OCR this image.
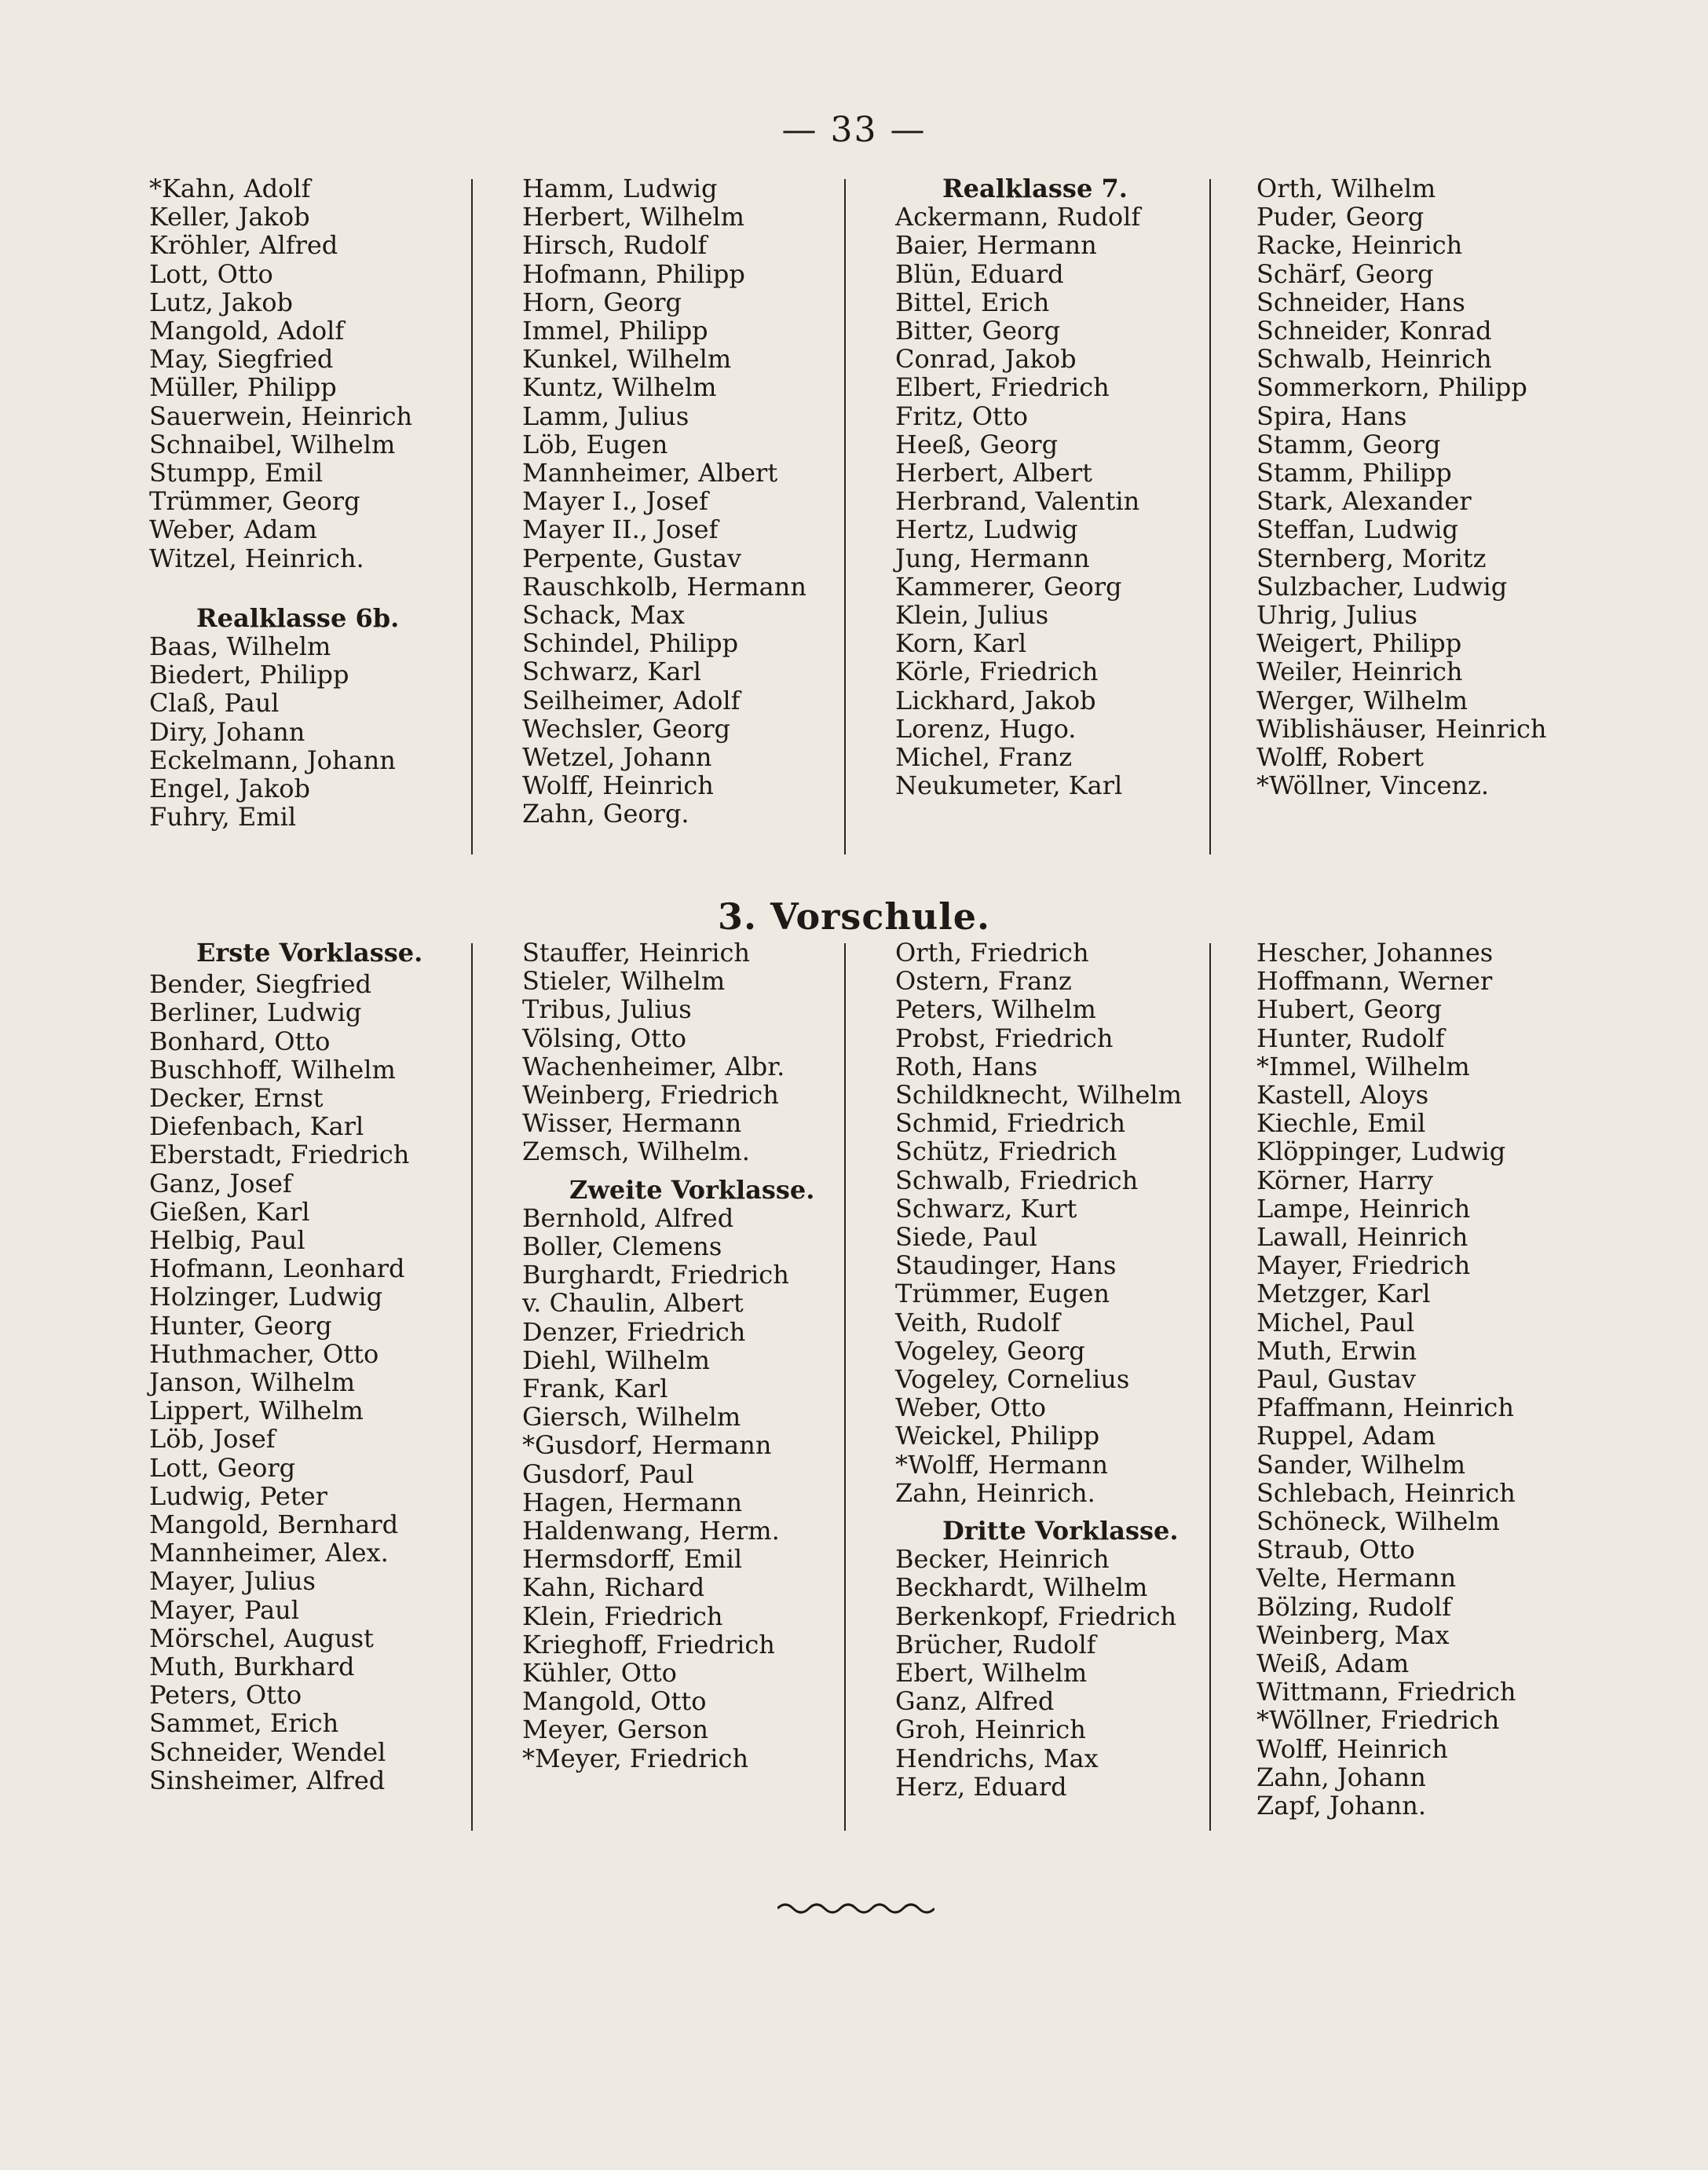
— 33 —
*Kahn, Adolf
Keller, Jakob
Kröhler, Alfred
Lott, Otto
Lutz, Jakob
Mangold, Adolf
May, Siegfried
Müller, Philipp
Sauerwein, Heinrich
Schnaibel, Wilhelm
Stumpp, Emil
Trümmer, Georg
Weber, Adam
Witzel, Heinrich.
Realklasse 6b.
Baas, Wilhelm
Biedert, Philipp
Claß, Paul
Diry, Johann
Eckelmann, Johann
Engel, Jakob
Fuhry, Emil
Hamm, Ludwig
Herbert, Wilhelm
Hirsch, Rudolf
Hofmann, Philipp
Horn, Georg
Immel, Philipp
Kunkel, Wilhelm
Kuntz, Wilhelm
Lamm, Julius
Löb, Eugen
Mannheimer, Albert
Mayer I., Josef
Mayer II., Josef
Perpente, Gustav
Rauschkolb, Hermann
Schack, Max
Schindel, Philipp
Schwarz, Karl
Seilheimer, Adolf
Wechsler, Georg
Wetzel, Johann
Wolff, Heinrich
Zahn, Georg.
Realklasse 7.
Ackermann, Rudolf
Baier, Hermann
Blün, Eduard
Bittel, Erich
Bitter, Georg
Conrad, Jakob
Elbert, Friedrich
Fritz, Otto
Heeß, Georg
Herbert, Albert
Herbrand, Valentin
Hertz, Ludwig
Jung, Hermann
Kammerer, Georg
Klein, Julius
Korn, Karl
Körle, Friedrich
Lickhard, Jakob
Lorenz, Hugo.
Michel, Franz
Neukumeter, Karl
Orth, Wilhelm
Puder, Georg
Racke, Heinrich
Schärf, Georg
Schneider, Hans
Schneider, Konrad
Schwalb, Heinrich
Sommerkorn, Philipp
Spira, Hans
Stamm, Georg
Stamm, Philipp
Stark, Alexander
Steffan, Ludwig
Sternberg, Moritz
Sulzbacher, Ludwig
Uhrig, Julius
Weigert, Philipp
Weiler, Heinrich
Werger, Wilhelm
Wiblishäuser, Heinrich
Wolff, Robert
*Wöllner, Vincenz.
3. Vorschule.
Erste Vorklasse.
Bender, Siegfried
Berliner, Ludwig
Bonhard, Otto
Buschhoff, Wilhelm
Decker, Ernst
Diefenbach, Karl
Eberstadt, Friedrich
Ganz, Josef
Gießen, Karl
Helbig, Paul
Hofmann, Leonhard
Holzinger, Ludwig
Hunter, Georg
Huthmacher, Otto
Janson, Wilhelm
Lippert, Wilhelm
Löb, Josef
Lott, Georg
Ludwig, Peter
Mangold, Bernhard
Mannheimer, Alex.
Mayer, Julius
Mayer, Paul
Mörschel, August
Muth, Burkhard
Peters, Otto
Sammet, Erich
Schneider, Wendel
Sinsheimer, Alfred
Stauffer, Heinrich
Stieler, Wilhelm
Tribus, Julius
Völsing, Otto
Wachenheimer, Albr.
Weinberg, Friedrich
Wisser, Hermann
Zemsch, Wilhelm.
Zweite Vorklasse.
Bernhold, Alfred
Boller, Clemens
Burghardt, Friedrich
v. Chaulin, Albert
Denzer, Friedrich
Diehl, Wilhelm
Frank, Karl
Giersch, Wilhelm
*Gusdorf, Hermann
Gusdorf, Paul
Hagen, Hermann
Haldenwang, Herm.
Hermsdorff, Emil
Kahn, Richard
Klein, Friedrich
Krieghoff, Friedrich
Kühler, Otto
Mangold, Otto
Meyer, Gerson
*Meyer, Friedrich
Orth, Friedrich
Ostern, Franz
Peters, Wilhelm
Probst, Friedrich
Roth, Hans
Schildknecht, Wilhelm
Schmid, Friedrich
Schütz, Friedrich
Schwalb, Friedrich
Schwarz, Kurt
Siede, Paul
Staudinger, Hans
Trümmer, Eugen
Veith, Rudolf
Vogeley, Georg
Vogeley, Cornelius
Weber, Otto
Weickel, Philipp
*Wolff, Hermann
Zahn, Heinrich.
Dritte Vorklasse.
Becker, Heinrich
Beckhardt, Wilhelm
Berkenkopf, Friedrich
Brücher, Rudolf
Ebert, Wilhelm
Ganz, Alfred
Groh, Heinrich
Hendrichs, Max
Herz, Eduard
Hescher, Johannes
Hoffmann, Werner
Hubert, Georg
Hunter, Rudolf
*Immel, Wilhelm
Kastell, Aloys
Kiechle, Emil
Klöppinger, Ludwig
Körner, Harry
Lampe, Heinrich
Lawall, Heinrich
Mayer, Friedrich
Metzger, Karl
Michel, Paul
Muth, Erwin
Paul, Gustav
Pfaffmann, Heinrich
Ruppel, Adam
Sander, Wilhelm
Schlebach, Heinrich
Schöneck, Wilhelm
Straub, Otto
Velte, Hermann
Bölzing, Rudolf
Weinberg, Max
Weiß, Adam
Wittmann, Friedrich
*Wöllner, Friedrich
Wolff, Heinrich
Zahn, Johann
Zapf, Johann.
